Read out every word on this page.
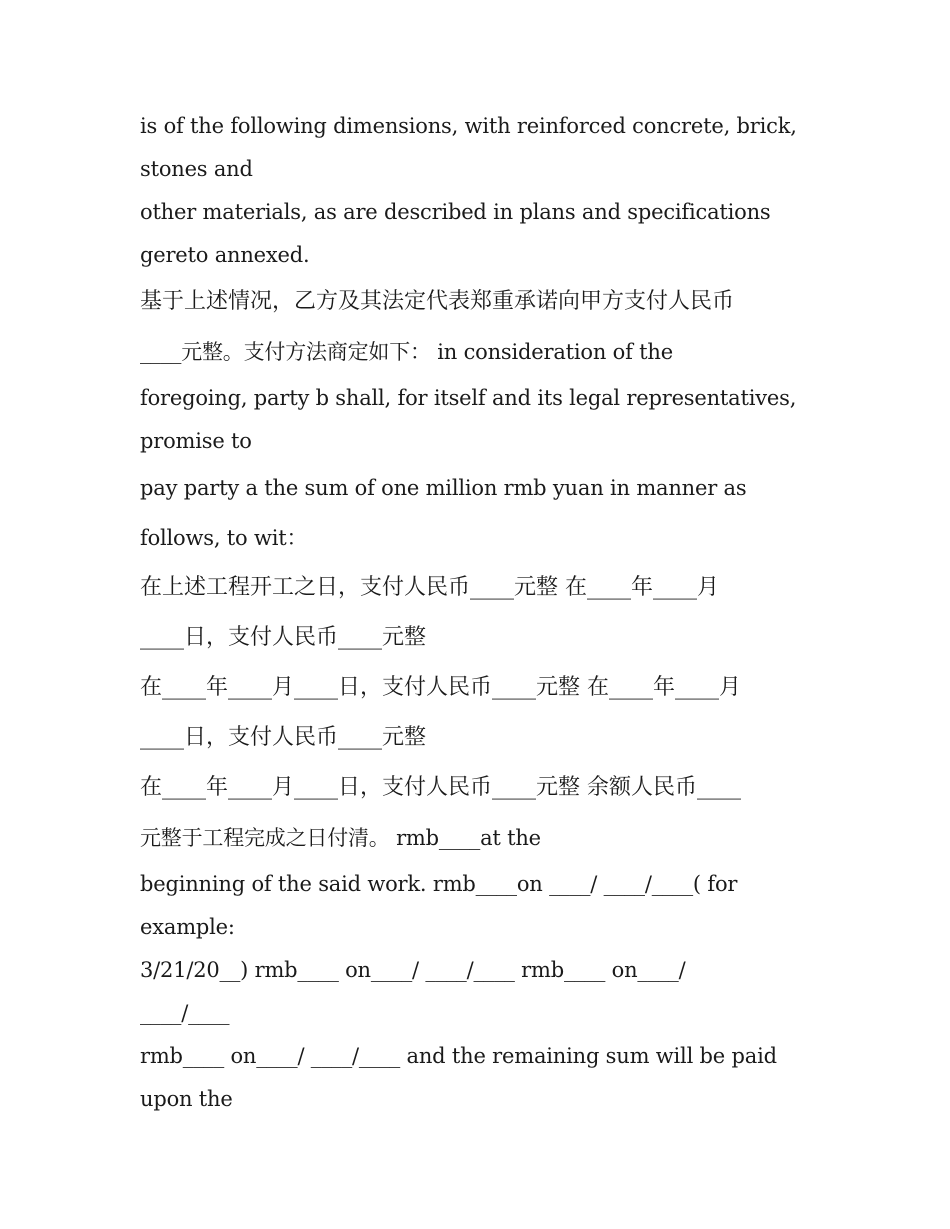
is of the following dimensions, with reinforced concrete, brick,
stones and
other materials, as are described in plans and specifications
gereto annexed.
基于上述情况，乙方及其法定代表郑重承诺向甲方支付人民币
____元整。支付方法商定如下： in consideration of the
foregoing, party b shall, for itself and its legal representatives,
promise to
pay party a the sum of one million rmb yuan in manner as
follows, to wit：
在上述工程开工之日，支付人民币____元整 在____年____月
____日，支付人民币____元整
在____年____月____日，支付人民币____元整 在____年____月
____日，支付人民币____元整
在____年____月____日，支付人民币____元整 余额人民币____
元整于工程完成之日付清。 rmb____at the
beginning of the said work. rmb____on ____/ ____/____( for
example:
3/21/20__) rmb____ on____/ ____/____ rmb____ on____/
____/____
rmb____ on____/ ____/____ and the remaining sum will be paid
upon the
